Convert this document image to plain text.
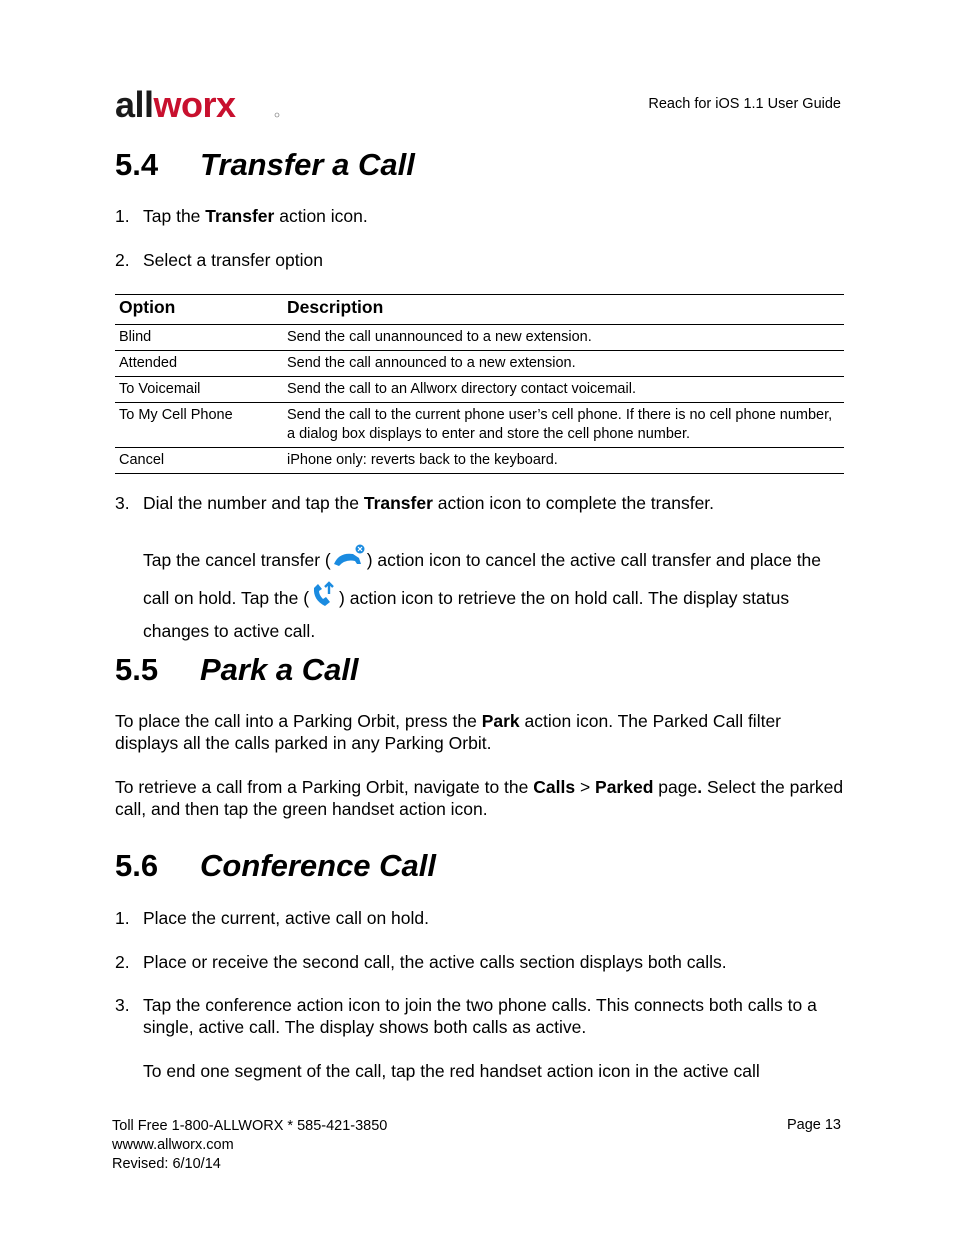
allworx	Reach for iOS 1.1 User Guide
5.4 Transfer a Call
1. Tap the Transfer action icon.
2. Select a transfer option
Option	Description
Blind	Send the call unannounced to a new extension.
Attended	Send the call announced to a new extension.
To Voicemail	Send the call to an Allworx directory contact voicemail.
To My Cell Phone	Send the call to the current phone user’s cell phone. If there is no cell phone number, a dialog box displays to enter and store the cell phone number.
Cancel	iPhone only: reverts back to the keyboard.
3. Dial the number and tap the Transfer action icon to complete the transfer.
Tap the cancel transfer ( ) action icon to cancel the active call transfer and place the call on hold. Tap the ( ) action icon to retrieve the on hold call. The display status changes to active call.
5.5 Park a Call
To place the call into a Parking Orbit, press the Park action icon. The Parked Call filter displays all the calls parked in any Parking Orbit.
To retrieve a call from a Parking Orbit, navigate to the Calls > Parked page. Select the parked call, and then tap the green handset action icon.
5.6 Conference Call
1. Place the current, active call on hold.
2. Place or receive the second call, the active calls section displays both calls.
3. Tap the conference action icon to join the two phone calls. This connects both calls to a single, active call. The display shows both calls as active.
To end one segment of the call, tap the red handset action icon in the active call
Toll Free 1-800-ALLWORX * 585-421-3850
wwww.allworx.com
Revised: 6/10/14
Page 13
